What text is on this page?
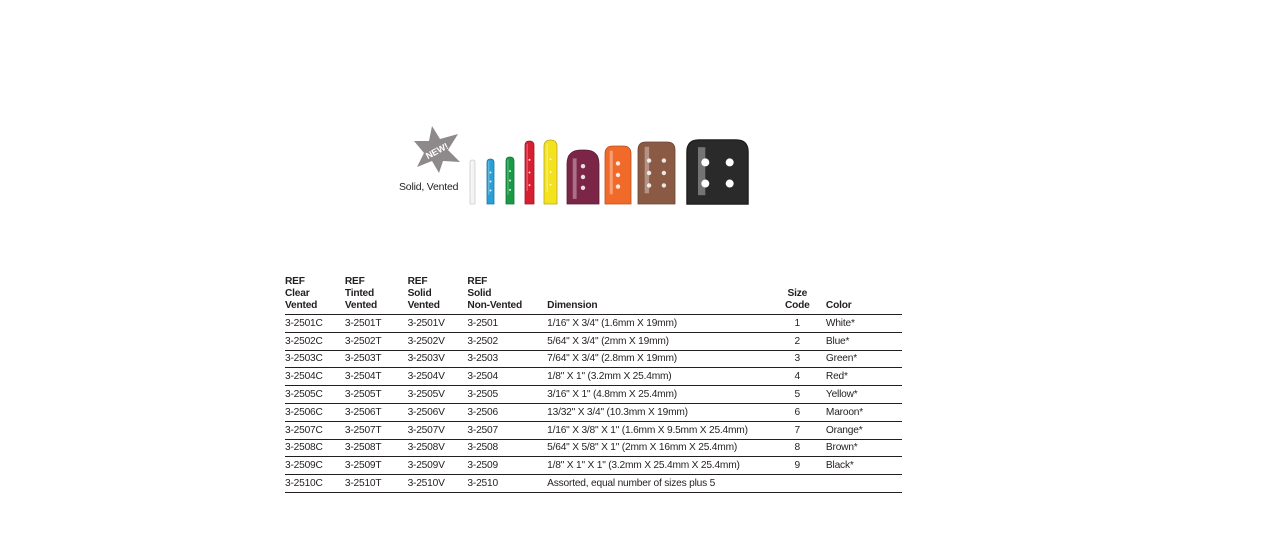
NEW!
Solid, Vented
REF
Clear
Vented	REF
Tinted
Vented	REF
Solid
Vented	REF
Solid
Non-Vented	Dimension	Size
Code	Color

3-2501C	3-2501T	3-2501V	3-2501	1/16" X 3/4" (1.6mm X 19mm)	1	White*
3-2502C	3-2502T	3-2502V	3-2502	5/64" X 3/4" (2mm X 19mm)	2	Blue*
3-2503C	3-2503T	3-2503V	3-2503	7/64" X 3/4" (2.8mm X 19mm)	3	Green*
3-2504C	3-2504T	3-2504V	3-2504	1/8" X 1" (3.2mm X 25.4mm)	4	Red*
3-2505C	3-2505T	3-2505V	3-2505	3/16" X 1" (4.8mm X 25.4mm)	5	Yellow*
3-2506C	3-2506T	3-2506V	3-2506	13/32" X 3/4" (10.3mm X 19mm)	6	Maroon*
3-2507C	3-2507T	3-2507V	3-2507	1/16" X 3/8" X 1" (1.6mm X 9.5mm X 25.4mm)	7	Orange*
3-2508C	3-2508T	3-2508V	3-2508	5/64" X 5/8" X 1" (2mm X 16mm X 25.4mm)	8	Brown*
3-2509C	3-2509T	3-2509V	3-2509	1/8" X 1" X 1" (3.2mm X 25.4mm X 25.4mm)	9	Black*
3-2510C	3-2510T	3-2510V	3-2510	Assorted, equal number of sizes plus 5		
